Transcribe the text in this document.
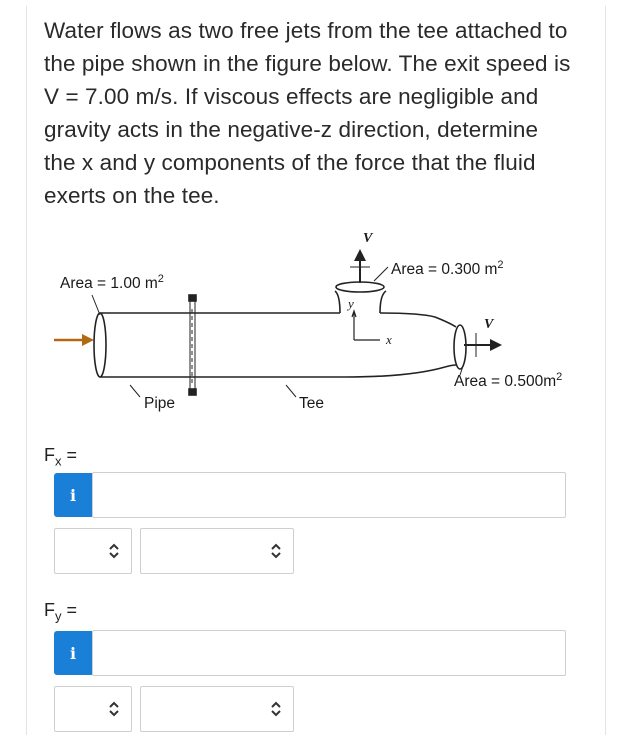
Water flows as two free jets from the tee attached to

the pipe shown in the figure below. The exit speed is

V = 7.00 m/s. If viscous effects are negligible and

gravity acts in the negative-z direction, determine

the x and y components of the force that the fluid

exerts on the tee.

Area = 1.00 $m^2$
Area = 0.300 $m^2$
Area = $0.500m^2$
Pipe	Tee
V
V
y
x
$F_x$ =
i
$F_y$ =
i
